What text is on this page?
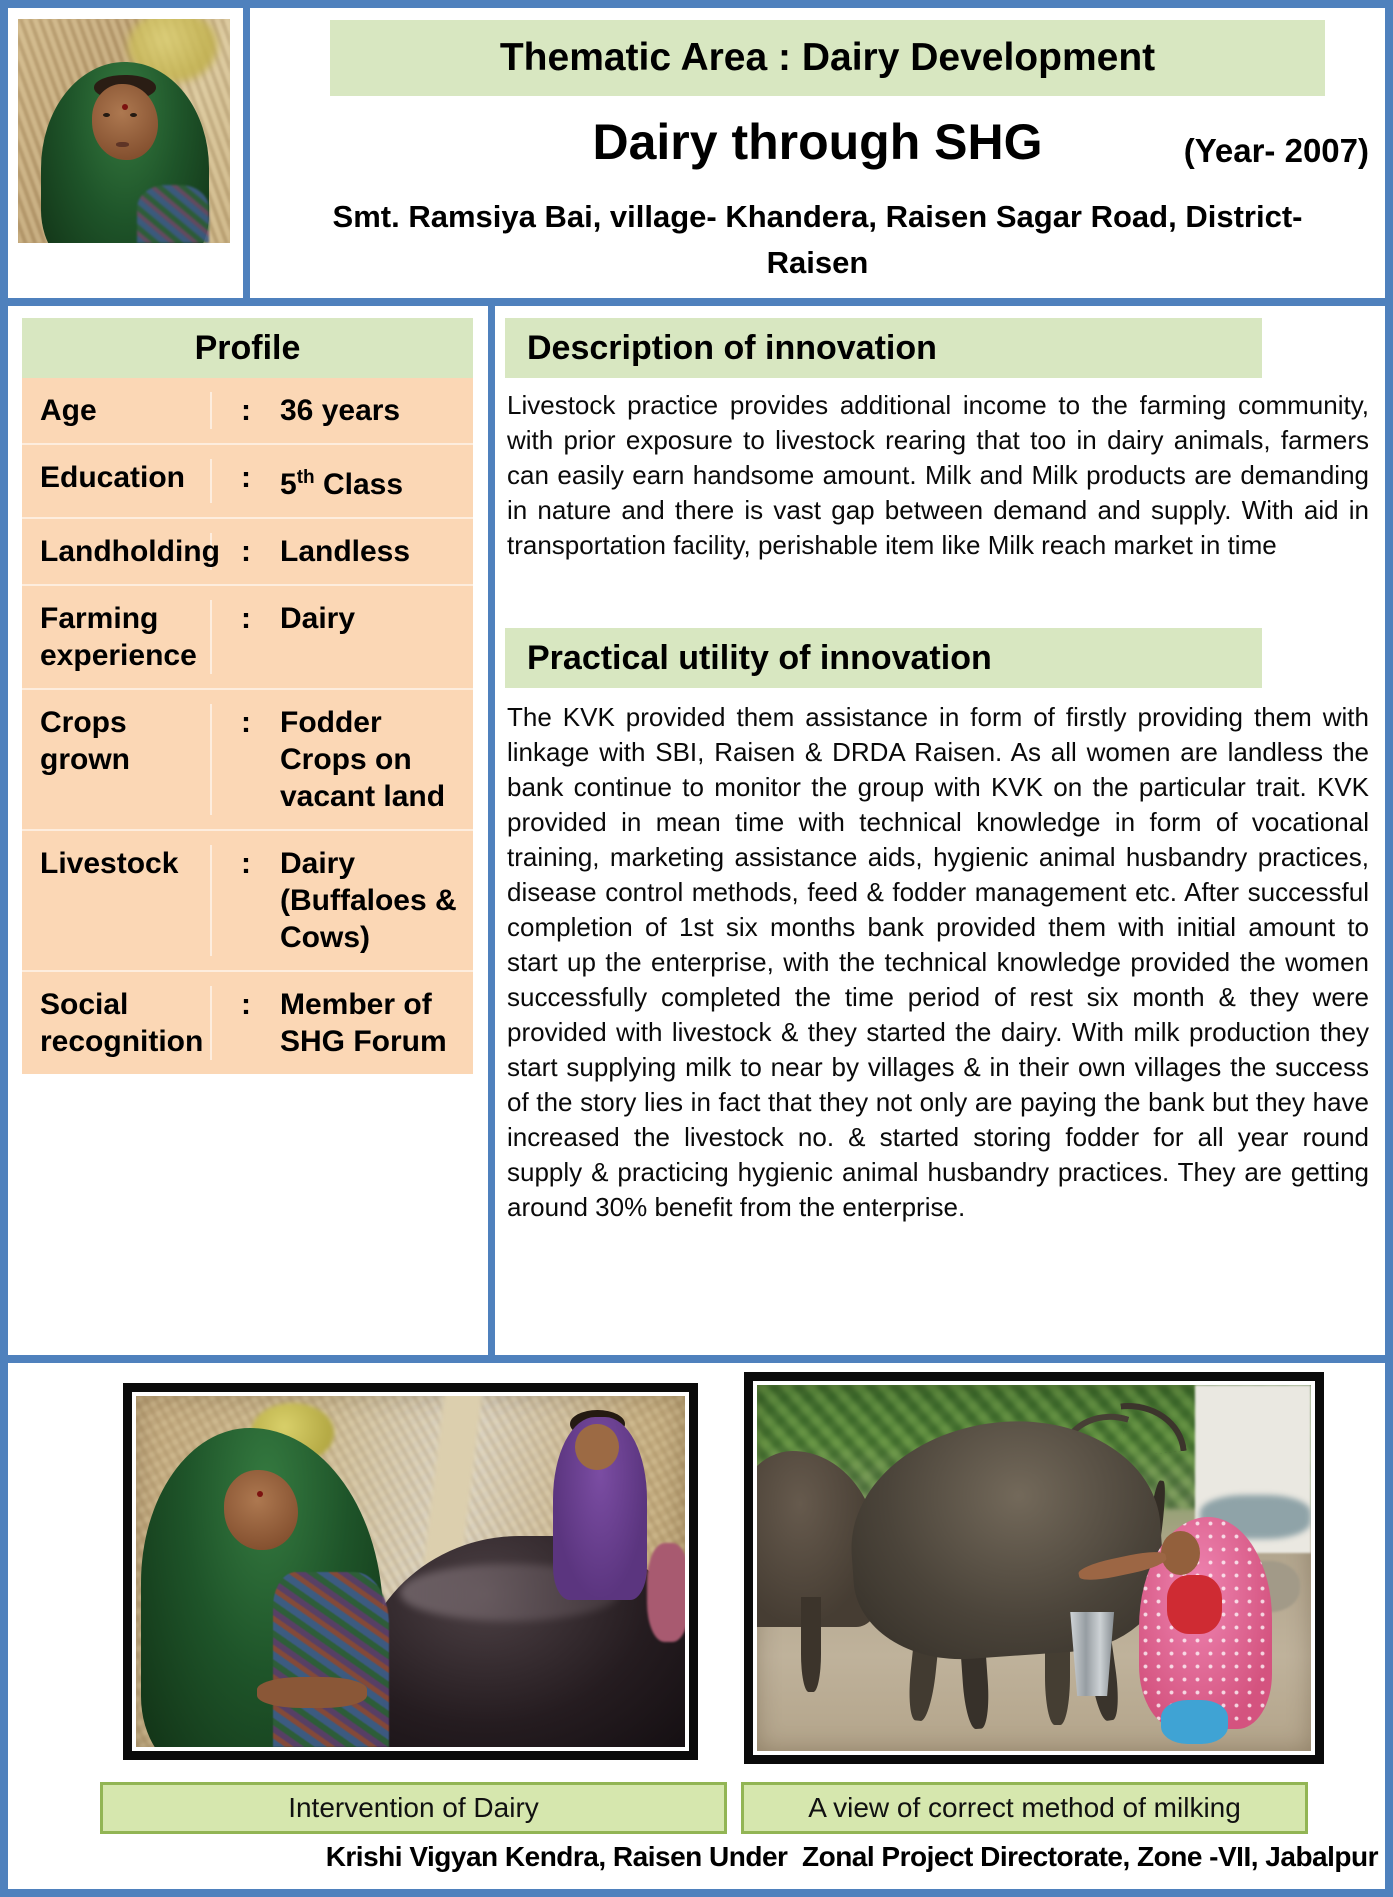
Thematic Area : Dairy Development
Dairy through SHG	(Year- 2007)
Smt. Ramsiya Bai, village- Khandera, Raisen Sagar Road, District-
Raisen
Profile
Age	: 36 years
Education	: 5th Class
Landholding : Landless
Farming experience
: Dairy
Crops grown
: Fodder Crops on vacant land
Livestock	: Dairy (Buffaloes & Cows)
Social recognition
: Member of SHG Forum
Description of innovation
Livestock practice provides additional income to the farming community, with prior exposure to livestock rearing that too in dairy animals, farmers can easily earn handsome amount. Milk and Milk products are demanding in nature and there is vast gap between demand and supply. With aid in transportation facility, perishable item like Milk reach market in time
Practical utility of innovation
The KVK provided them assistance in form of firstly providing them with linkage with SBI, Raisen & DRDA Raisen. As all women are landless the bank continue to monitor the group with KVK on the particular trait. KVK provided in mean time with technical knowledge in form of vocational training, marketing assistance aids, hygienic animal husbandry practices, disease control methods, feed & fodder management etc. After successful completion of 1st six months bank provided them with initial amount to start up the enterprise, with the technical knowledge provided the women successfully completed the time period of rest six month & they were provided with livestock & they started the dairy. With milk production they start supplying milk to near by villages & in their own villages the success of the story lies in fact that they not only are paying the bank but they have increased the livestock no. & started storing fodder for all year round supply & practicing hygienic animal husbandry practices. They are getting around 30% benefit from the enterprise.
Intervention of Dairy	A view of correct method of milking
Krishi Vigyan Kendra, Raisen Under  Zonal Project Directorate, Zone -VII, Jabalpur
